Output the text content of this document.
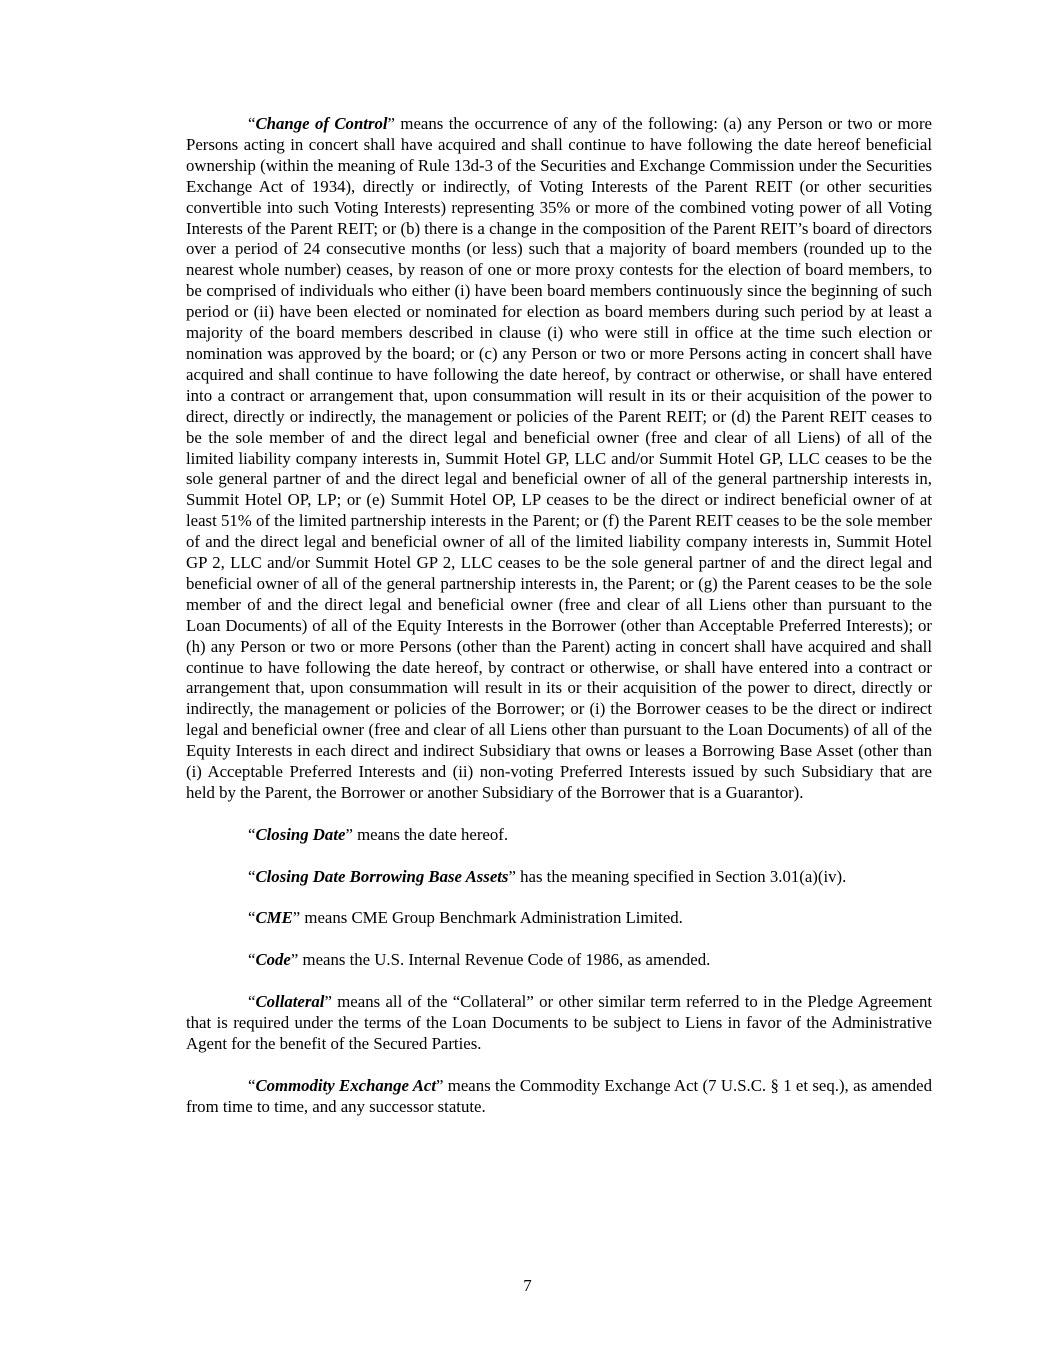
“Change of Control” means the occurrence of any of the following: (a) any Person or two or more Persons acting in concert shall have acquired and shall continue to have following the date hereof beneficial ownership (within the meaning of Rule 13d-3 of the Securities and Exchange Commission under the Securities Exchange Act of 1934), directly or indirectly, of Voting Interests of the Parent REIT (or other securities convertible into such Voting Interests) representing 35% or more of the combined voting power of all Voting Interests of the Parent REIT; or (b) there is a change in the composition of the Parent REIT’s board of directors over a period of 24 consecutive months (or less) such that a majority of board members (rounded up to the nearest whole number) ceases, by reason of one or more proxy contests for the election of board members, to be comprised of individuals who either (i) have been board members continuously since the beginning of such period or (ii) have been elected or nominated for election as board members during such period by at least a majority of the board members described in clause (i) who were still in office at the time such election or nomination was approved by the board; or (c) any Person or two or more Persons acting in concert shall have acquired and shall continue to have following the date hereof, by contract or otherwise, or shall have entered into a contract or arrangement that, upon consummation will result in its or their acquisition of the power to direct, directly or indirectly, the management or policies of the Parent REIT; or (d) the Parent REIT ceases to be the sole member of and the direct legal and beneficial owner (free and clear of all Liens) of all of the limited liability company interests in, Summit Hotel GP, LLC and/or Summit Hotel GP, LLC ceases to be the sole general partner of and the direct legal and beneficial owner of all of the general partnership interests in, Summit Hotel OP, LP; or (e) Summit Hotel OP, LP ceases to be the direct or indirect beneficial owner of at least 51% of the limited partnership interests in the Parent; or (f) the Parent REIT ceases to be the sole member of and the direct legal and beneficial owner of all of the limited liability company interests in, Summit Hotel GP 2, LLC and/or Summit Hotel GP 2, LLC ceases to be the sole general partner of and the direct legal and beneficial owner of all of the general partnership interests in, the Parent; or (g) the Parent ceases to be the sole member of and the direct legal and beneficial owner (free and clear of all Liens other than pursuant to the Loan Documents) of all of the Equity Interests in the Borrower (other than Acceptable Preferred Interests); or (h) any Person or two or more Persons (other than the Parent) acting in concert shall have acquired and shall continue to have following the date hereof, by contract or otherwise, or shall have entered into a contract or arrangement that, upon consummation will result in its or their acquisition of the power to direct, directly or indirectly, the management or policies of the Borrower; or (i) the Borrower ceases to be the direct or indirect legal and beneficial owner (free and clear of all Liens other than pursuant to the Loan Documents) of all of the Equity Interests in each direct and indirect Subsidiary that owns or leases a Borrowing Base Asset (other than (i) Acceptable Preferred Interests and (ii) non-voting Preferred Interests issued by such Subsidiary that are held by the Parent, the Borrower or another Subsidiary of the Borrower that is a Guarantor).

“Closing Date” means the date hereof.

“Closing Date Borrowing Base Assets” has the meaning specified in Section 3.01(a)(iv).

“CME” means CME Group Benchmark Administration Limited.

“Code” means the U.S. Internal Revenue Code of 1986, as amended.

“Collateral” means all of the “Collateral” or other similar term referred to in the Pledge Agreement that is required under the terms of the Loan Documents to be subject to Liens in favor of the Administrative Agent for the benefit of the Secured Parties.

“Commodity Exchange Act” means the Commodity Exchange Act (7 U.S.C. § 1 et seq.), as amended from time to time, and any successor statute.

7
